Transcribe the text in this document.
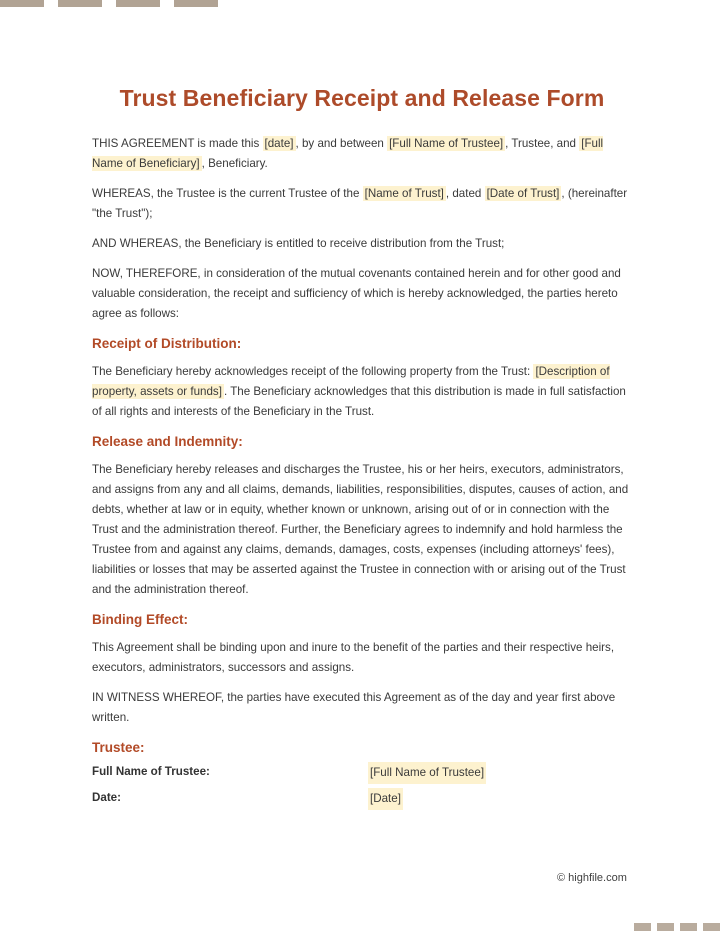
Trust Beneficiary Receipt and Release Form

THIS AGREEMENT is made this [date] , by and between [Full Name of Trustee] , Trustee, and [Full Name of Beneficiary] , Beneficiary.

WHEREAS, the Trustee is the current Trustee of the [Name of Trust] , dated [Date of Trust] , (hereinafter "the Trust");

AND WHEREAS, the Beneficiary is entitled to receive distribution from the Trust;

NOW, THEREFORE, in consideration of the mutual covenants contained herein and for other good and valuable consideration, the receipt and sufficiency of which is hereby acknowledged, the parties hereto agree as follows:

Receipt of Distribution:

The Beneficiary hereby acknowledges receipt of the following property from the Trust: [Description of property, assets or funds] . The Beneficiary acknowledges that this distribution is made in full satisfaction of all rights and interests of the Beneficiary in the Trust.

Release and Indemnity:

The Beneficiary hereby releases and discharges the Trustee, his or her heirs, executors, administrators, and assigns from any and all claims, demands, liabilities, responsibilities, disputes, causes of action, and debts, whether at law or in equity, whether known or unknown, arising out of or in connection with the Trust and the administration thereof. Further, the Beneficiary agrees to indemnify and hold harmless the Trustee from and against any claims, demands, damages, costs, expenses (including attorneys' fees), liabilities or losses that may be asserted against the Trustee in connection with or arising out of the Trust and the administration thereof.

Binding Effect:

This Agreement shall be binding upon and inure to the benefit of the parties and their respective heirs, executors, administrators, successors and assigns.

IN WITNESS WHEREOF, the parties have executed this Agreement as of the day and year first above written.

Trustee:
Full Name of Trustee:	[Full Name of Trustee]
Date:	[Date]
© highfile.com
